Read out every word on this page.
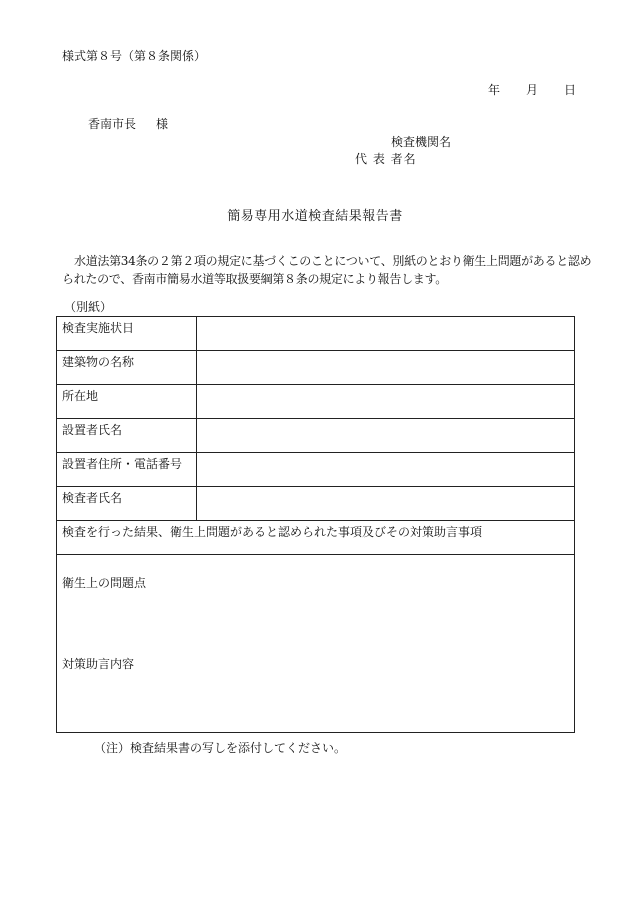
様式第８号（第８条関係）
年 月 日
香南市長 様
検査機関名
代 表 者名
簡易専用水道検査結果報告書
水道法第34条の２第２項の規定に基づくこのことについて、別紙のとおり衛生上問題があると認められたので、香南市簡易水道等取扱要綱第８条の規定により報告します。
（別紙）
検査実施状日	
建築物の名称	
所在地	
設置者氏名	
設置者住所・電話番号	
検査者氏名	
検査を行った結果、衛生上問題があると認められた事項及びその対策助言事項	

衛生上の問題点
対策助言内容	
（注）検査結果書の写しを添付してください。
